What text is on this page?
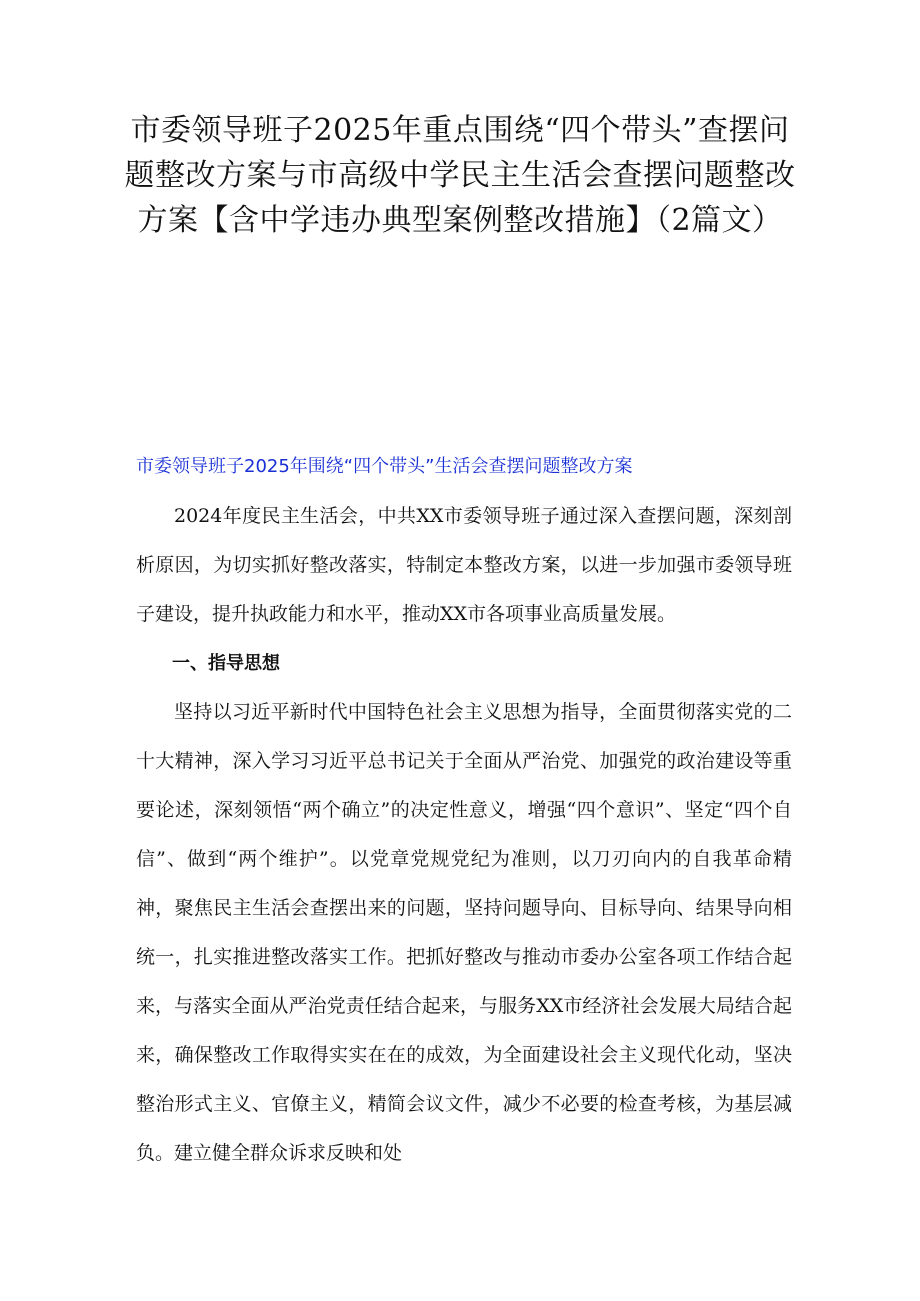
市委领导班子2025年重点围绕“四个带头”查摆问题整改方案与市高级中学民主生活会查摆问题整改方案【含中学违办典型案例整改措施】（2篇文）
市委领导班子2025年围绕“四个带头”生活会查摆问题整改方案

2024年度民主生活会，中共XX市委领导班子通过深入查摆问题，深刻剖析原因，为切实抓好整改落实，特制定本整改方案，以进一步加强市委领导班子建设，提升执政能力和水平，推动XX市各项事业高质量发展。

一、指导思想

坚持以习近平新时代中国特色社会主义思想为指导，全面贯彻落实党的二十大精神，深入学习习近平总书记关于全面从严治党、加强党的政治建设等重要论述，深刻领悟“两个确立”的决定性意义，增强“四个意识”、坚定“四个自信”、做到“两个维护”。以党章党规党纪为准则，以刀刃向内的自我革命精神，聚焦民主生活会查摆出来的问题，坚持问题导向、目标导向、结果导向相统一，扎实推进整改落实工作。把抓好整改与推动市委办公室各项工作结合起来，与落实全面从严治党责任结合起来，与服务XX市经济社会发展大局结合起来，确保整改工作取得实实在在的成效，为全面建设社会主义现代化动，坚决整治形式主义、官僚主义，精简会议文件，减少不必要的检查考核，为基层减负。建立健全群众诉求反映和处
